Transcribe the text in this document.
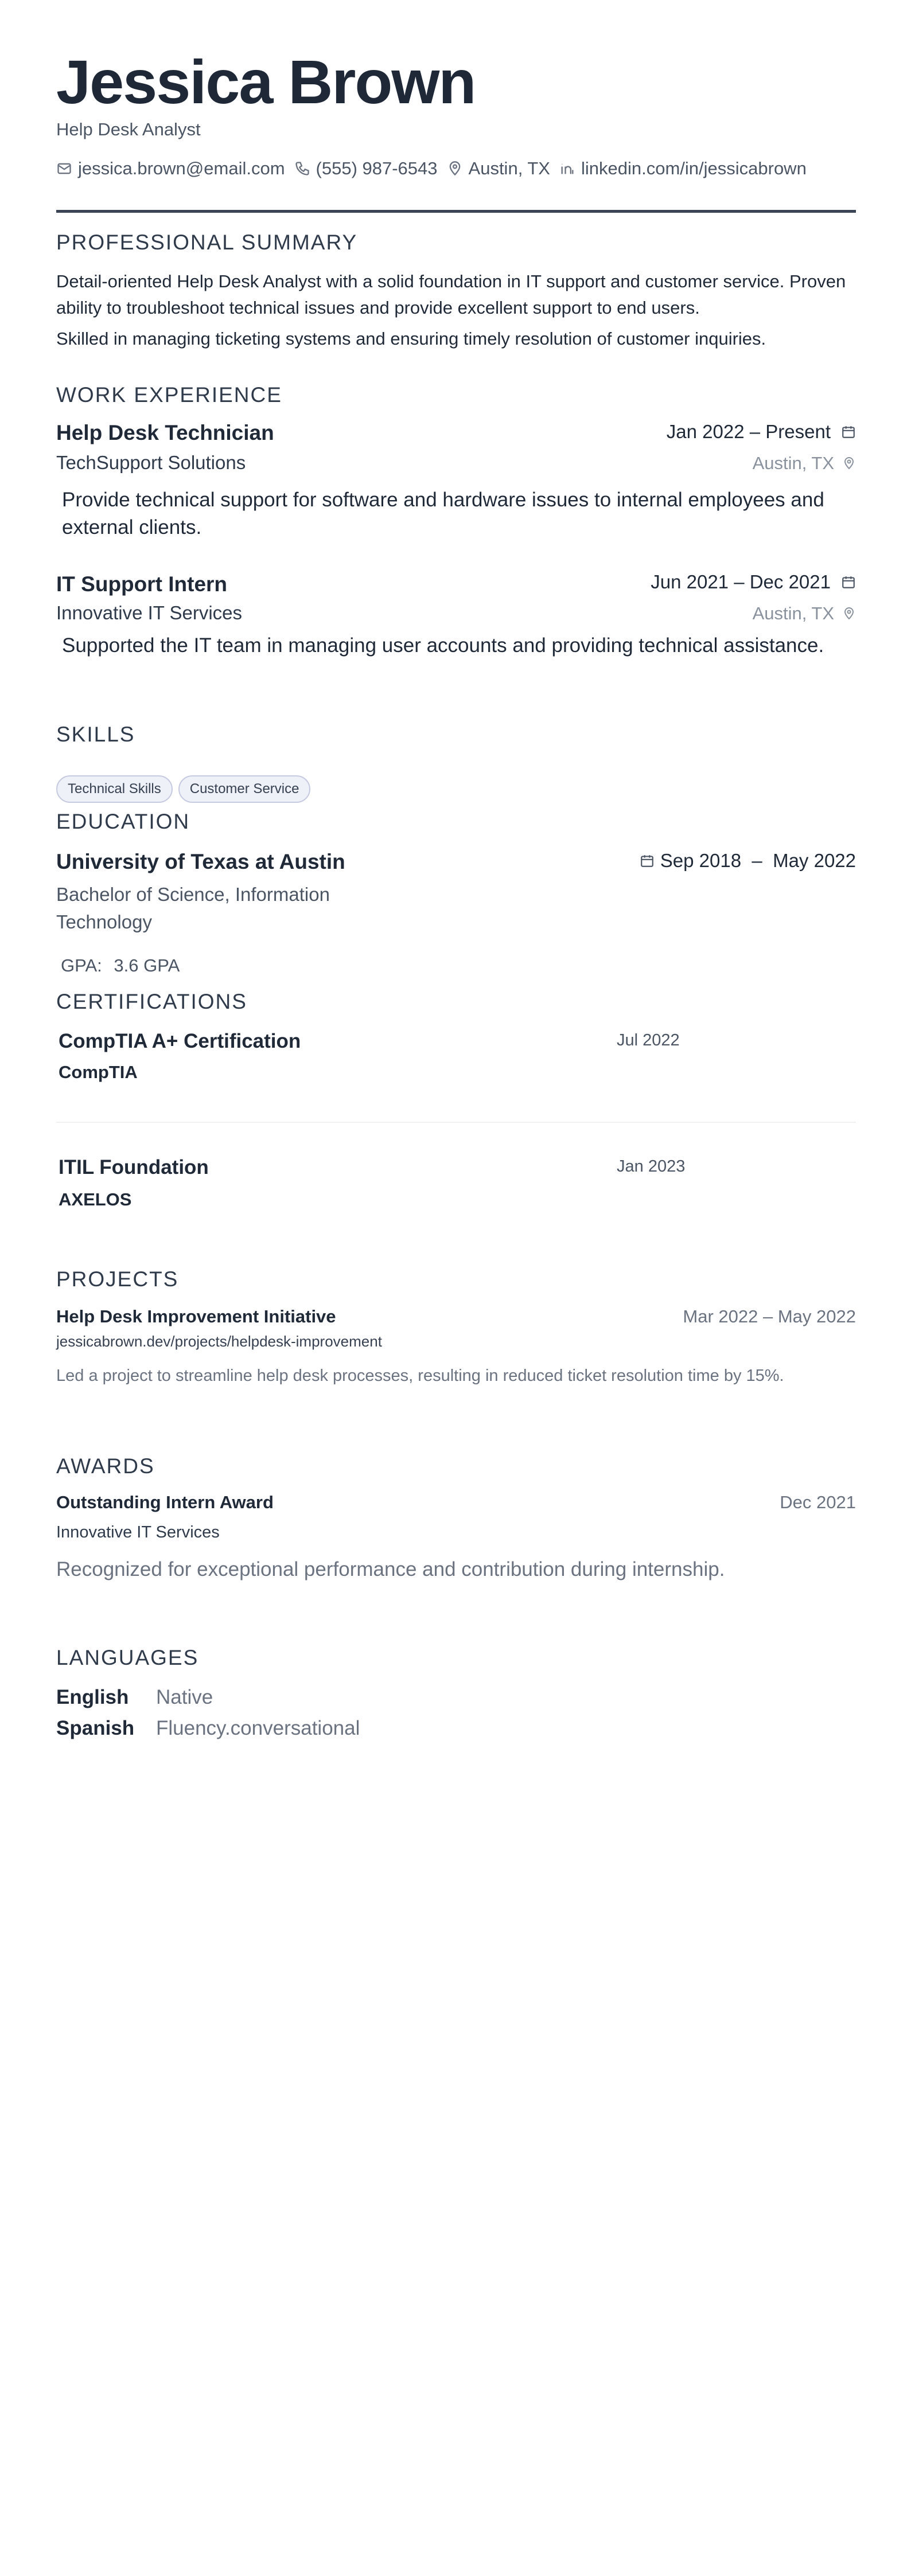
Jessica Brown
Help Desk Analyst
jessica.brown@email.com (555) 987-6543 Austin, TX linkedin.com/in/jessicabrown
PROFESSIONAL SUMMARY
Detail-oriented Help Desk Analyst with a solid foundation in IT support and customer service. Proven ability to troubleshoot technical issues and provide excellent support to end users.
Skilled in managing ticketing systems and ensuring timely resolution of customer inquiries.
WORK EXPERIENCE
Help Desk Technician	Jan 2022 – Present
TechSupport Solutions	Austin, TX
Provide technical support for software and hardware issues to internal employees and external clients.
IT Support Intern	Jun 2021 – Dec 2021
Innovative IT Services	Austin, TX
Supported the IT team in managing user accounts and providing technical assistance.
SKILLS
Technical Skills	Customer Service
EDUCATION
University of Texas at Austin	Sep 2018  –  May 2022
Bachelor of Science, Information Technology
GPA: 3.6 GPA
CERTIFICATIONS
CompTIA A+ Certification	Jul 2022
CompTIA
ITIL Foundation	Jan 2023
AXELOS
PROJECTS
Help Desk Improvement Initiative	Mar 2022 – May 2022
jessicabrown.dev/projects/helpdesk-improvement
Led a project to streamline help desk processes, resulting in reduced ticket resolution time by 15%.
AWARDS
Outstanding Intern Award	Dec 2021
Innovative IT Services
Recognized for exceptional performance and contribution during internship.
LANGUAGES
English Native
Spanish Fluency.conversational
